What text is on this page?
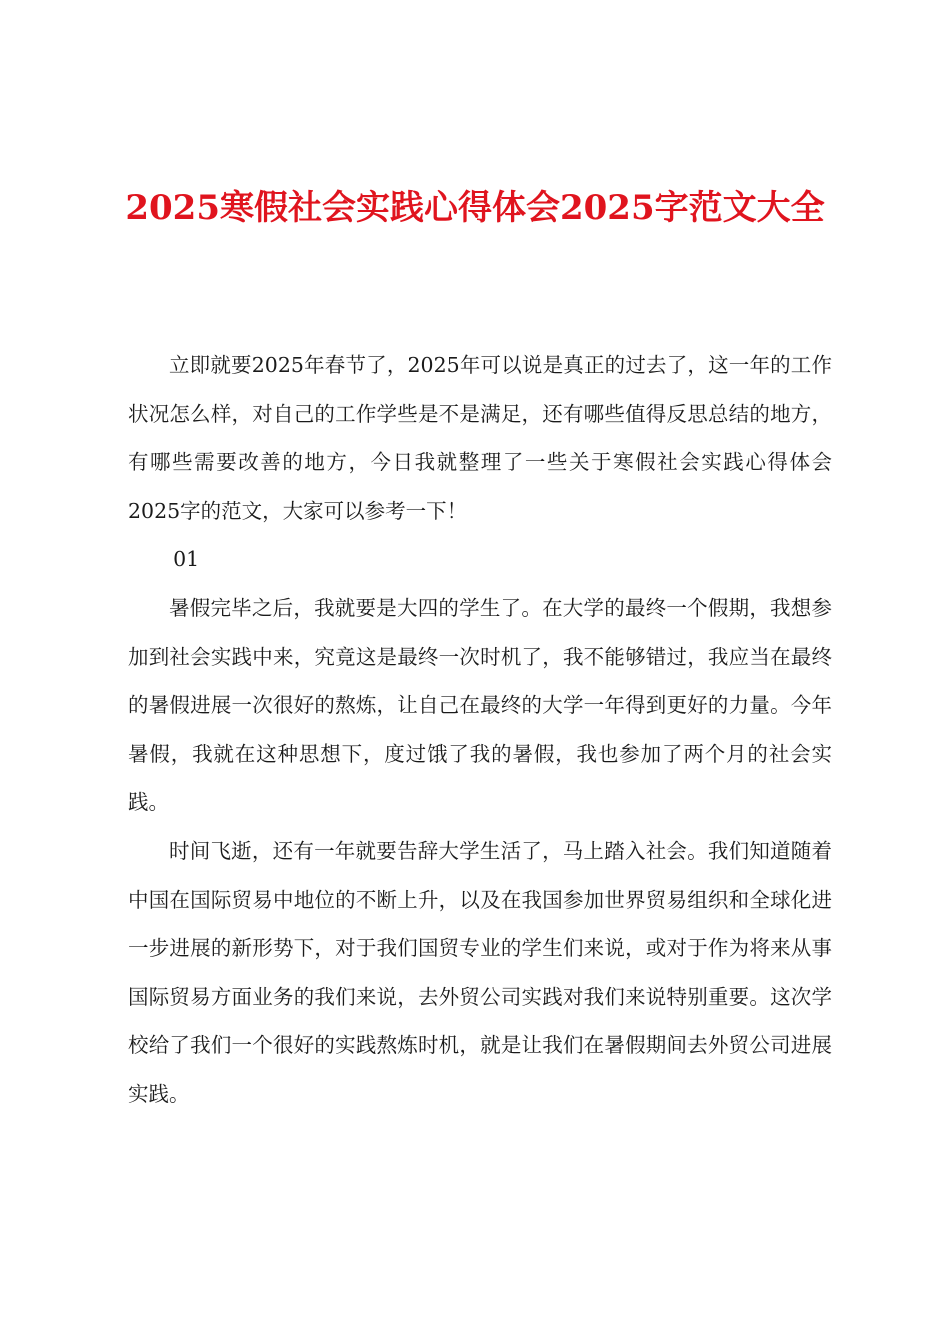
2025寒假社会实践心得体会2025字范文大全

立即就要2025年春节了，2025年可以说是真正的过去了，这一年的工作状况怎么样，对自己的工作学些是不是满足，还有哪些值得反思总结的地方，有哪些需要改善的地方，今日我就整理了一些关于寒假社会实践心得体会2025字的范文，大家可以参考一下！

01

暑假完毕之后，我就要是大四的学生了。在大学的最终一个假期，我想参加到社会实践中来，究竟这是最终一次时机了，我不能够错过，我应当在最终的暑假进展一次很好的熬炼，让自己在最终的大学一年得到更好的力量。今年暑假，我就在这种思想下，度过饿了我的暑假，我也参加了两个月的社会实践。

时间飞逝，还有一年就要告辞大学生活了，马上踏入社会。我们知道随着中国在国际贸易中地位的不断上升，以及在我国参加世界贸易组织和全球化进一步进展的新形势下，对于我们国贸专业的学生们来说，或对于作为将来从事国际贸易方面业务的我们来说，去外贸公司实践对我们来说特别重要。这次学校给了我们一个很好的实践熬炼时机，就是让我们在暑假期间去外贸公司进展实践。
